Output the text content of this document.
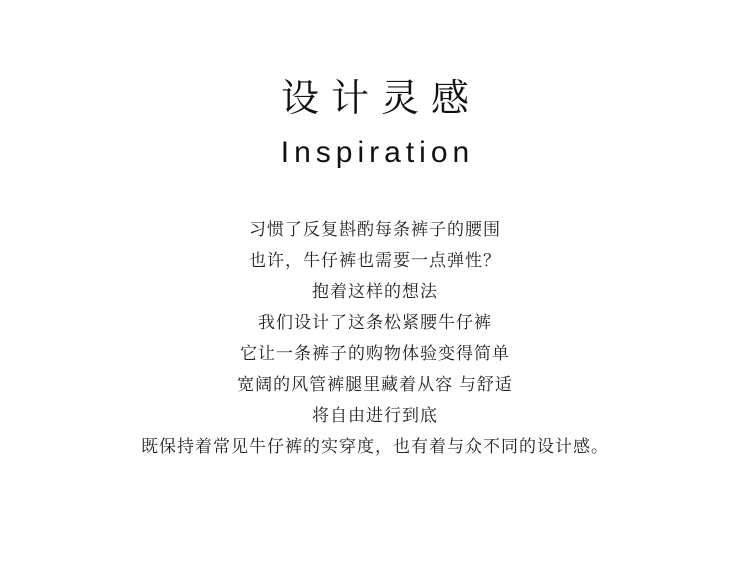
设计灵感
Inspiration
习惯了反复斟酌每条裤子的腰围
也许，牛仔裤也需要一点弹性？
抱着这样的想法
我们设计了这条松紧腰牛仔裤
它让一条裤子的购物体验变得简单
宽阔的风管裤腿里藏着从容 与舒适
将自由进行到底
既保持着常见牛仔裤的实穿度，也有着与众不同的设计感。
